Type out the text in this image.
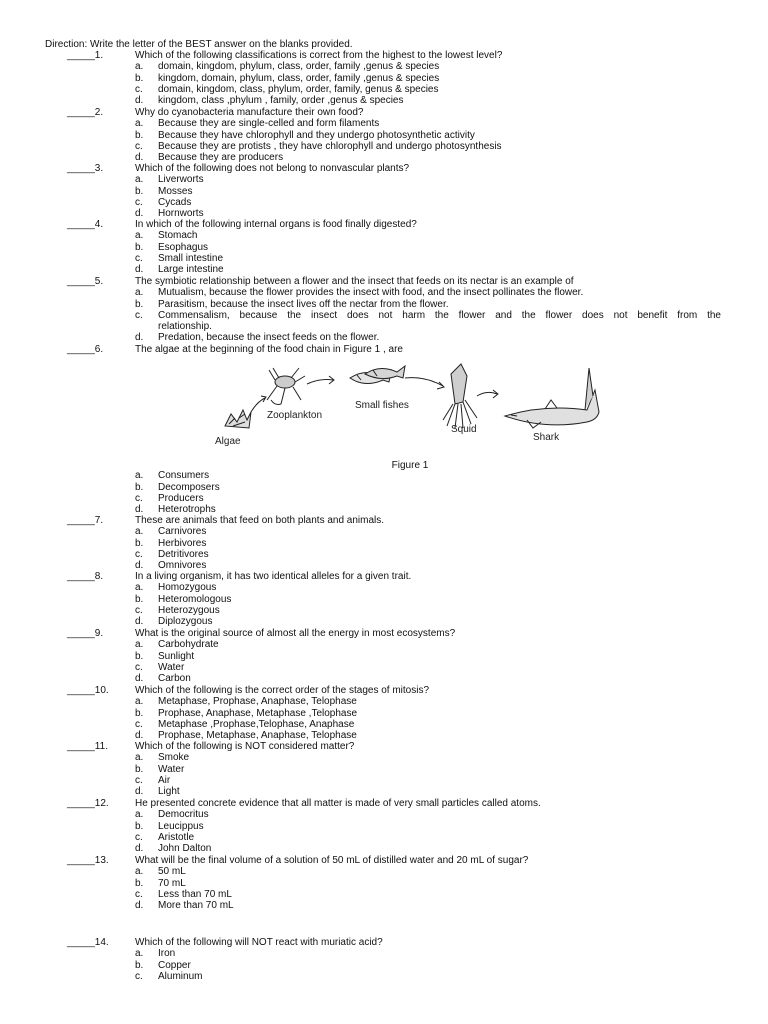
Direction: Write the letter of the BEST answer on the blanks provided.
_____1.	Which of the following classifications is correct from the highest to the lowest level?
a. domain, kingdom, phylum, class, order, family ,genus & species
b. kingdom, domain, phylum, class, order, family ,genus & species
c. domain, kingdom, class, phylum, order, family, genus & species
d. kingdom, class ,phylum , family, order ,genus & species
_____2.	Why do cyanobacteria manufacture their own food?
a. Because they are single-celled and form filaments
b. Because they have chlorophyll and they undergo photosynthetic activity
c. Because they are protists , they have chlorophyll and undergo photosynthesis
d. Because they are producers
_____3.	Which of the following does not belong to nonvascular plants?
a. Liverworts
b. Mosses
c. Cycads
d. Hornworts
_____4.	In which of the following internal organs is food finally digested?
a. Stomach
b. Esophagus
c. Small intestine
d. Large intestine
_____5.	The symbiotic relationship between a flower and the insect that feeds on its nectar is an example of
a. Mutualism, because the flower provides the insect with food, and the insect pollinates the flower.
b. Parasitism, because the insect lives off the nectar from the flower.
c. Commensalism, because the insect does not harm the flower and the flower does not benefit from the
relationship.
d. Predation, because the insect feeds on the flower.
_____6.	The algae at the beginning of the food chain in Figure 1 , are
a. Consumers
b. Decomposers
c. Producers
d. Heterotrophs
_____7.	These are animals that feed on both plants and animals.
a. Carnivores
b. Herbivores
c. Detritivores
d. Omnivores
_____8.	In a living organism, it has two identical alleles for a given trait.
a. Homozygous
b. Heteromologous
c. Heterozygous
d. Diplozygous
_____9.	What is the original source of almost all the energy in most ecosystems?
a. Carbohydrate
b. Sunlight
c. Water
d. Carbon
_____10.	Which of the following is the correct order of the stages of mitosis?
a. Metaphase, Prophase, Anaphase, Telophase
b. Prophase, Anaphase, Metaphase ,Telophase
c. Metaphase ,Prophase,Telophase, Anaphase
d. Prophase, Metaphase, Anaphase, Telophase
_____11.	Which of the following is NOT considered matter?
a. Smoke
b. Water
c. Air
d. Light
_____12.	He presented concrete evidence that all matter is made of very small particles called atoms.
a. Democritus
b. Leucippus
c. Aristotle
d. John Dalton
_____13.	What will be the final volume of a solution of 50 mL of distilled water and 20 mL of sugar?
a. 50 mL
b. 70 mL
c. Less than 70 mL
d. More than 70 mL
_____14.	Which of the following will NOT react with muriatic acid?
a. Iron
b. Copper
c. Aluminum
Algae
Zooplankton
Small fishes
Squid
Shark
Figure 1
